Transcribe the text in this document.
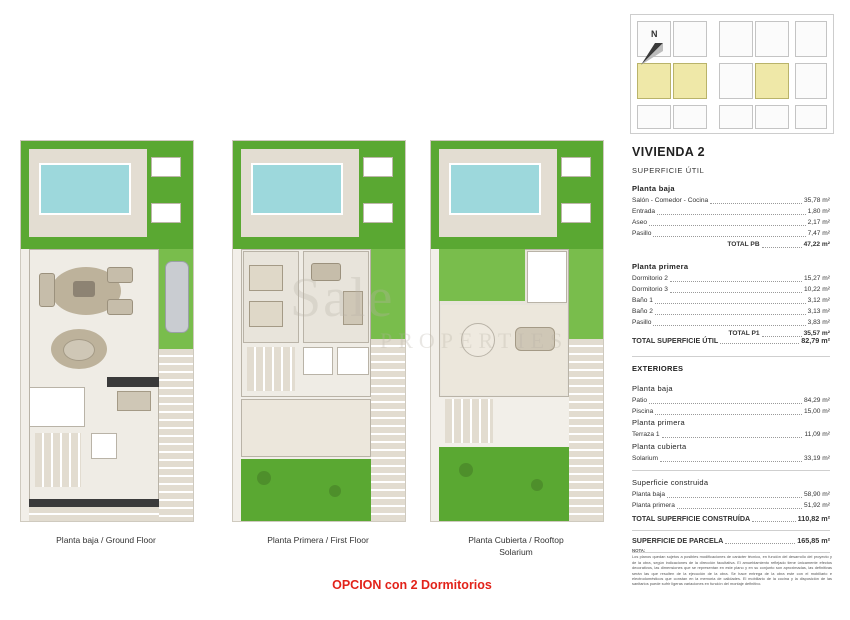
Planta baja / Ground Floor	Planta Primera / First Floor	Planta Cubierta / Rooftop
Solarium
Sale
PROPERTIES
OPCION con 2 Dormitorios
N
VIVIENDA 2
SUPERFICIE ÚTIL
Planta baja
Salón - Comedor - Cocina	35,78 m²
Entrada	1,80 m²
Aseo	2,17 m²
Pasillo	7,47 m²
TOTAL PB	47,22 m²
Planta primera
Dormitorio 2	15,27 m²
Dormitorio 3	10,22 m²
Baño 1	3,12 m²
Baño 2	3,13 m²
Pasillo	3,83 m²
TOTAL P1	35,57 m²
TOTAL SUPERFICIE ÚTIL	82,79 m²
EXTERIORES
Planta baja
Patio	84,29 m²
Piscina	15,00 m²
Planta primera
Terraza 1	11,09 m²
Planta cubierta
Solarium	33,19 m²
Superficie construida
Planta baja	58,90 m²
Planta primera	51,92 m²
TOTAL SUPERFICIE CONSTRUÍDA	110,82 m²
SUPERFICIE DE PARCELA	165,85 m²
NOTA:
Los planos quedan sujetos a posibles modificaciones de carácter técnico, en función del desarrollo del proyecto y de la obra, según indicaciones de la dirección facultativa. El amueblamiento reflejado tiene únicamente efectos decorativos, las dimensiones que se representan en este plano y en su conjunto son aproximadas, las definitivas serán las que resulten de la ejecución de la obra. Se hace entrega de la obra este con el mobiliario e electrodomésticos que constan en la memoria de calidades. El mobiliario de la cocina y la disposición de las sanitarios puede sufrir ligeras variaciones en función del montaje definitivo.
